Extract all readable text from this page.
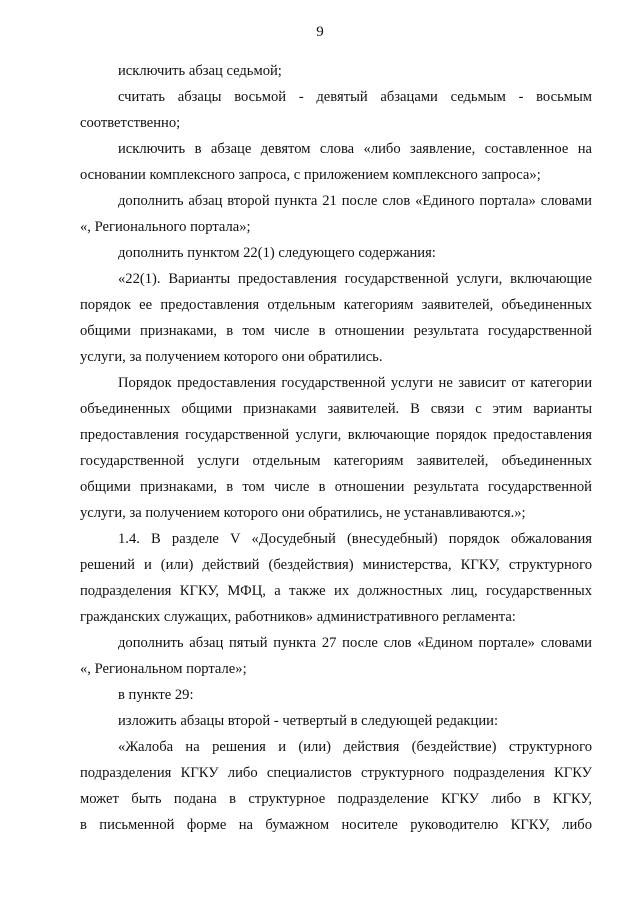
9
исключить абзац седьмой;
считать абзацы восьмой - девятый абзацами седьмым - восьмым
соответственно;
исключить в абзаце девятом слова «либо заявление, составленное на
основании комплексного запроса, с приложением комплексного запроса»;
дополнить абзац второй пункта 21 после слов «Единого портала» словами
«, Регионального портала»;
дополнить пунктом 22(1) следующего содержания:
«22(1). Варианты предоставления государственной услуги, включающие
порядок ее предоставления отдельным категориям заявителей, объединенных
общими признаками, в том числе в отношении результата государственной
услуги, за получением которого они обратились.
Порядок предоставления государственной услуги не зависит от категории
объединенных общими признаками заявителей. В связи с этим варианты
предоставления государственной услуги, включающие порядок предоставления
государственной услуги отдельным категориям заявителей, объединенных
общими признаками, в том числе в отношении результата государственной
услуги, за получением которого они обратились, не устанавливаются.»;
1.4. В разделе V «Досудебный (внесудебный) порядок обжалования
решений и (или) действий (бездействия) министерства, КГКУ, структурного
подразделения КГКУ, МФЦ, а также их должностных лиц, государственных
гражданских служащих, работников» административного регламента:
дополнить абзац пятый пункта 27 после слов «Едином портале» словами
«, Региональном портале»;
в пункте 29:
изложить абзацы второй - четвертый в следующей редакции:
«Жалоба на решения и (или) действия (бездействие) структурного
подразделения КГКУ либо специалистов структурного подразделения КГКУ
может быть подана в структурное подразделение КГКУ либо в КГКУ,
в письменной форме на бумажном носителе руководителю КГКУ, либо
